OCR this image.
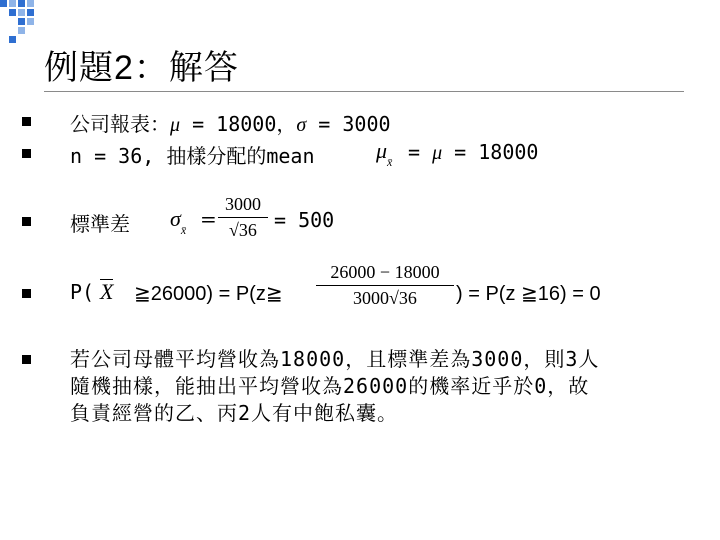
例題2：解答
公司報表：μ = 18000，σ = 3000
n = 36, 抽樣分配的mean	$\mu_{x̄} = \mu = 18000$
標準差 $\sigma_{x̄}$ =
3000
√36 = 500
P( X ≧26000) = P(z≧
26000 − 18000
3000√36	) = P(z ≧16) = 0
若公司母體平均營收為18000，且標準差為3000，則3人
隨機抽樣，能抽出平均營收為26000的機率近乎於0，故
負責經營的乙、丙2人有中飽私囊。
